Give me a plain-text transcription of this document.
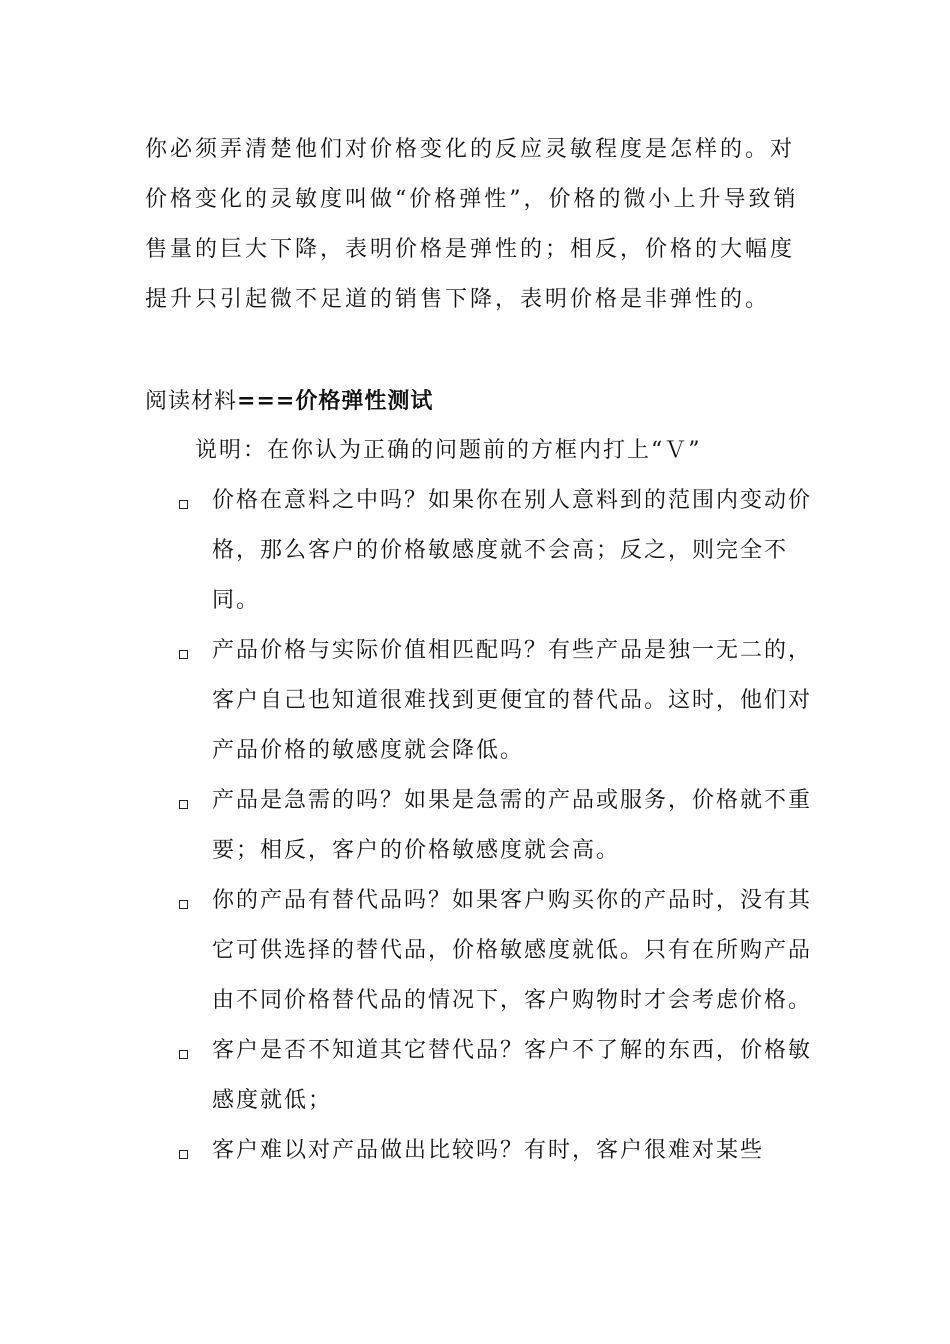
你必须弄清楚他们对价格变化的反应灵敏程度是怎样的。对价格变化的灵敏度叫做“价格弹性”，价格的微小上升导致销售量的巨大下降，表明价格是弹性的；相反，价格的大幅度提升只引起微不足道的销售下降，表明价格是非弹性的。
阅读材料===价格弹性测试
说明：在你认为正确的问题前的方框内打上“Ｖ”
价格在意料之中吗？如果你在别人意料到的范围内变动价格，那么客户的价格敏感度就不会高；反之，则完全不同。
产品价格与实际价值相匹配吗？有些产品是独一无二的，客户自己也知道很难找到更便宜的替代品。这时，他们对产品价格的敏感度就会降低。
产品是急需的吗？如果是急需的产品或服务，价格就不重要；相反，客户的价格敏感度就会高。
你的产品有替代品吗？如果客户购买你的产品时，没有其它可供选择的替代品，价格敏感度就低。只有在所购产品由不同价格替代品的情况下，客户购物时才会考虑价格。
客户是否不知道其它替代品？客户不了解的东西，价格敏感度就低；
客户难以对产品做出比较吗？有时，客户很难对某些
